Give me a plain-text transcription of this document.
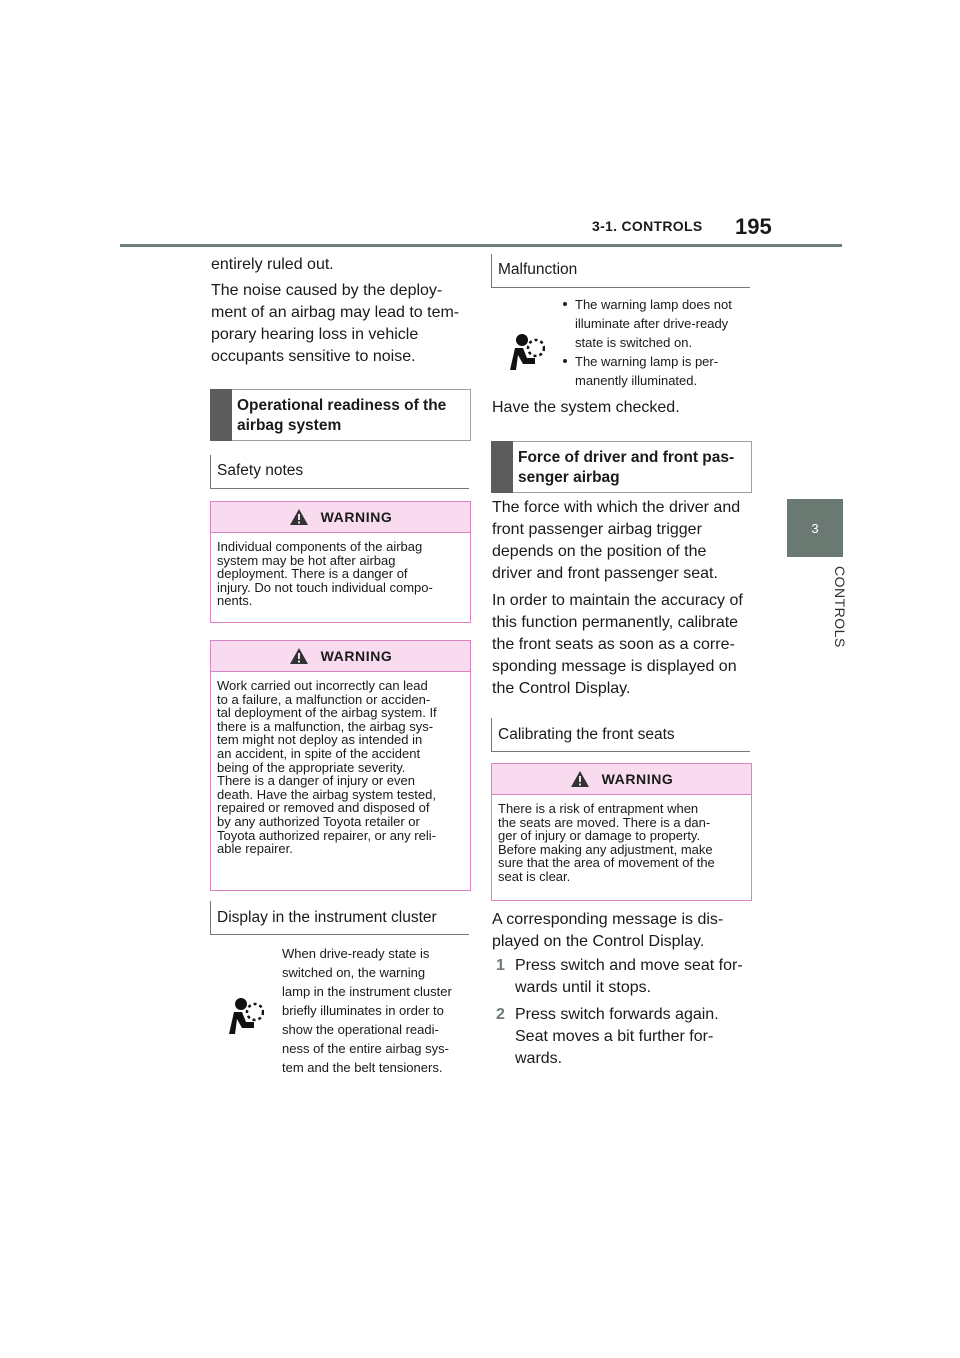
3-1. CONTROLS 195
3
CONTROLS
entirely ruled out.
The noise caused by the deploy-
ment of an airbag may lead to tem-
porary hearing loss in vehicle
occupants sensitive to noise.
Operational readiness of the
airbag system
Safety notes
WARNING
Individual components of the airbag
system may be hot after airbag
deployment. There is a danger of
injury. Do not touch individual compo-
nents.
WARNING
Work carried out incorrectly can lead
to a failure, a malfunction or acciden-
tal deployment of the airbag system. If
there is a malfunction, the airbag sys-
tem might not deploy as intended in
an accident, in spite of the accident
being of the appropriate severity.
There is a danger of injury or even
death. Have the airbag system tested,
repaired or removed and disposed of
by any authorized Toyota retailer or
Toyota authorized repairer, or any reli-
able repairer.
Display in the instrument cluster
When drive-ready state is
switched on, the warning
lamp in the instrument cluster
briefly illuminates in order to
show the operational readi-
ness of the entire airbag sys-
tem and the belt tensioners.
Malfunction
The warning lamp does not
illuminate after drive-ready
state is switched on.
The warning lamp is per-
manently illuminated.
Have the system checked.
Force of driver and front pas-
senger airbag
The force with which the driver and
front passenger airbag trigger
depends on the position of the
driver and front passenger seat.
In order to maintain the accuracy of
this function permanently, calibrate
the front seats as soon as a corre-
sponding message is displayed on
the Control Display.
Calibrating the front seats
WARNING
There is a risk of entrapment when
the seats are moved. There is a dan-
ger of injury or damage to property.
Before making any adjustment, make
sure that the area of movement of the
seat is clear.
A corresponding message is dis-
played on the Control Display.
1 Press switch and move seat for-
wards until it stops.
2 Press switch forwards again.
Seat moves a bit further for-
wards.
